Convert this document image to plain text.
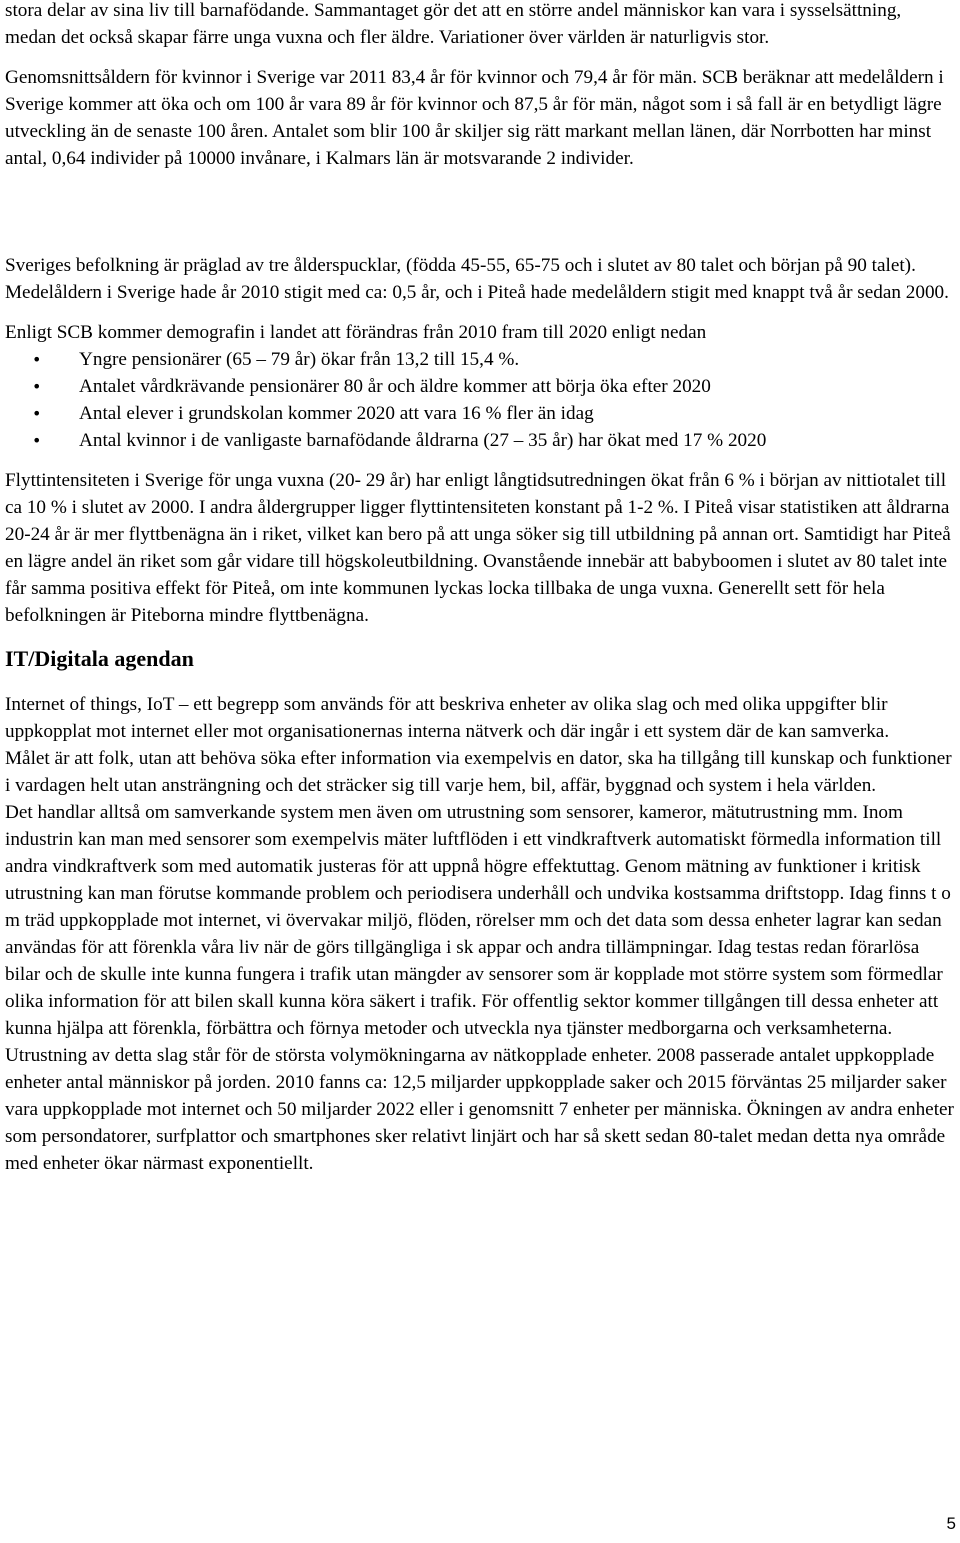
stora delar av sina liv till barnafödande. Sammantaget gör det att en större andel människor kan vara i sysselsättning, medan det också skapar färre unga vuxna och fler äldre. Variationer över världen är naturligvis stor.

Genomsnittsåldern för kvinnor i Sverige var 2011 83,4 år för kvinnor och 79,4 år för män. SCB beräknar att medelåldern i Sverige kommer att öka och om 100 år vara 89 år för kvinnor och 87,5 år för män, något som i så fall är en betydligt lägre utveckling än de senaste 100 åren. Antalet som blir 100 år skiljer sig rätt markant mellan länen, där Norrbotten har minst antal, 0,64 individer på 10000 invånare, i Kalmars län är motsvarande 2 individer.

Sveriges befolkning är präglad av tre ålderspucklar, (födda 45-55, 65-75 och i slutet av 80 talet och början på 90 talet). Medelåldern i Sverige hade år 2010 stigit med ca: 0,5 år, och i Piteå hade medelåldern stigit med knappt två år sedan 2000.

Enligt SCB kommer demografin i landet att förändras från 2010 fram till 2020 enligt nedan

• Yngre pensionärer (65 – 79 år) ökar från 13,2 till 15,4 %.
• Antalet vårdkrävande pensionärer 80 år och äldre kommer att börja öka efter 2020
• Antal elever i grundskolan kommer 2020 att vara 16 % fler än idag
• Antal kvinnor i de vanligaste barnafödande åldrarna (27 – 35 år) har ökat med 17 % 2020

Flyttintensiteten i Sverige för unga vuxna (20- 29 år) har enligt långtidsutredningen ökat från 6 % i början av nittiotalet till ca 10 % i slutet av 2000. I andra åldergrupper ligger flyttintensiteten konstant på 1-2 %. I Piteå visar statistiken att åldrarna 20-24 år är mer flyttbenägna än i riket, vilket kan bero på att unga söker sig till utbildning på annan ort. Samtidigt har Piteå en lägre andel än riket som går vidare till högskoleutbildning. Ovanstående innebär att babyboomen i slutet av 80 talet inte får samma positiva effekt för Piteå, om inte kommunen lyckas locka tillbaka de unga vuxna. Generellt sett för hela befolkningen är Piteborna mindre flyttbenägna.

IT/Digitala agendan

Internet of things, IoT – ett begrepp som används för att beskriva enheter av olika slag och med olika uppgifter blir uppkopplat mot internet eller mot organisationernas interna nätverk och där ingår i ett system där de kan samverka.

Målet är att folk, utan att behöva söka efter information via exempelvis en dator, ska ha tillgång till kunskap och funktioner i vardagen helt utan ansträngning och det sträcker sig till varje hem, bil, affär, byggnad och system i hela världen.

Det handlar alltså om samverkande system men även om utrustning som sensorer, kameror, mätutrustning mm. Inom industrin kan man med sensorer som exempelvis mäter luftflöden i ett vindkraftverk automatiskt förmedla information till andra vindkraftverk som med automatik justeras för att uppnå högre effektuttag. Genom mätning av funktioner i kritisk utrustning kan man förutse kommande problem och periodisera underhåll och undvika kostsamma driftstopp. Idag finns t o m träd uppkopplade mot internet, vi övervakar miljö, flöden, rörelser mm och det data som dessa enheter lagrar kan sedan användas för att förenkla våra liv när de görs tillgängliga i sk appar och andra tillämpningar. Idag testas redan förarlösa bilar och de skulle inte kunna fungera i trafik utan mängder av sensorer som är kopplade mot större system som förmedlar olika information för att bilen skall kunna köra säkert i trafik. För offentlig sektor kommer tillgången till dessa enheter att kunna hjälpa att förenkla, förbättra och förnya metoder och utveckla nya tjänster medborgarna och verksamheterna. Utrustning av detta slag står för de största volymökningarna av nätkopplade enheter. 2008 passerade antalet uppkopplade enheter antal människor på jorden. 2010 fanns ca: 12,5 miljarder uppkopplade saker och 2015 förväntas 25 miljarder saker vara uppkopplade mot internet och 50 miljarder 2022 eller i genomsnitt 7 enheter per människa. Ökningen av andra enheter som persondatorer, surfplattor och smartphones sker relativt linjärt och har så skett sedan 80-talet medan detta nya område med enheter ökar närmast exponentiellt.

5
